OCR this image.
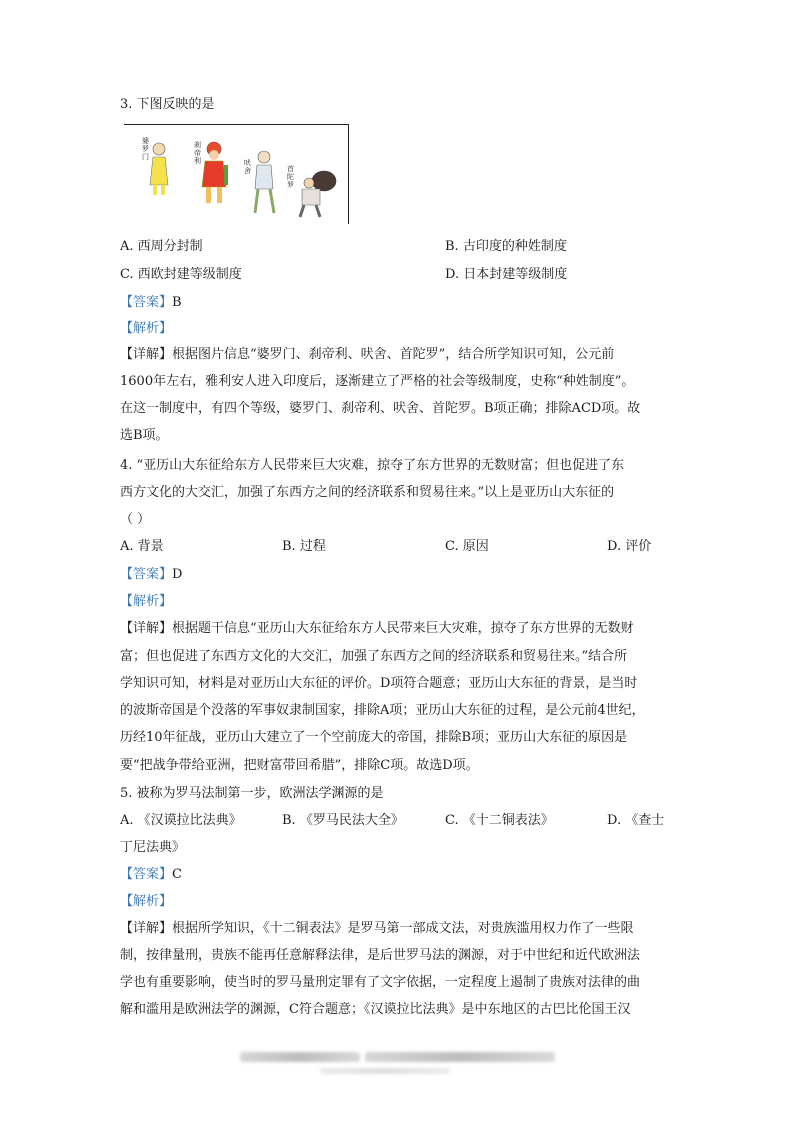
3. 下图反映的是
婆罗门
刹帝利	吠舍	首陀罗
A. 西周分封制	B. 古印度的种姓制度
C. 西欧封建等级制度	D. 日本封建等级制度
【答案】B
【解析】
【详解】根据图片信息“婆罗门、刹帝利、吠舍、首陀罗”，结合所学知识可知，公元前
1600年左右，雅利安人进入印度后，逐渐建立了严格的社会等级制度，史称“种姓制度”。
在这一制度中，有四个等级，婆罗门、刹帝利、吠舍、首陀罗。B项正确；排除ACD项。故
选B项。
4. “亚历山大东征给东方人民带来巨大灾难，掠夺了东方世界的无数财富；但也促进了东
西方文化的大交汇，加强了东西方之间的经济联系和贸易往来。”以上是亚历山大东征的
（ ）
A. 背景	B. 过程	C. 原因	D. 评价
【答案】D
【解析】
【详解】根据题干信息“亚历山大东征给东方人民带来巨大灾难，掠夺了东方世界的无数财
富；但也促进了东西方文化的大交汇，加强了东西方之间的经济联系和贸易往来。”结合所
学知识可知，材料是对亚历山大东征的评价。D项符合题意；亚历山大东征的背景，是当时
的波斯帝国是个没落的军事奴隶制国家，排除A项；亚历山大东征的过程，是公元前4世纪，
历经10年征战，亚历山大建立了一个空前庞大的帝国，排除B项；亚历山大东征的原因是
要“把战争带给亚洲，把财富带回希腊”，排除C项。故选D项。
5. 被称为罗马法制第一步，欧洲法学渊源的是
A. 《汉谟拉比法典》	B. 《罗马民法大全》	C. 《十二铜表法》	D. 《查士
丁尼法典》
【答案】C
【解析】
【详解】根据所学知识，《十二铜表法》是罗马第一部成文法，对贵族滥用权力作了一些限
制，按律量刑，贵族不能再任意解释法律，是后世罗马法的渊源，对于中世纪和近代欧洲法
学也有重要影响，使当时的罗马量刑定罪有了文字依据，一定程度上遏制了贵族对法律的曲
解和滥用是欧洲法学的渊源，C符合题意；《汉谟拉比法典》是中东地区的古巴比伦国王汉
